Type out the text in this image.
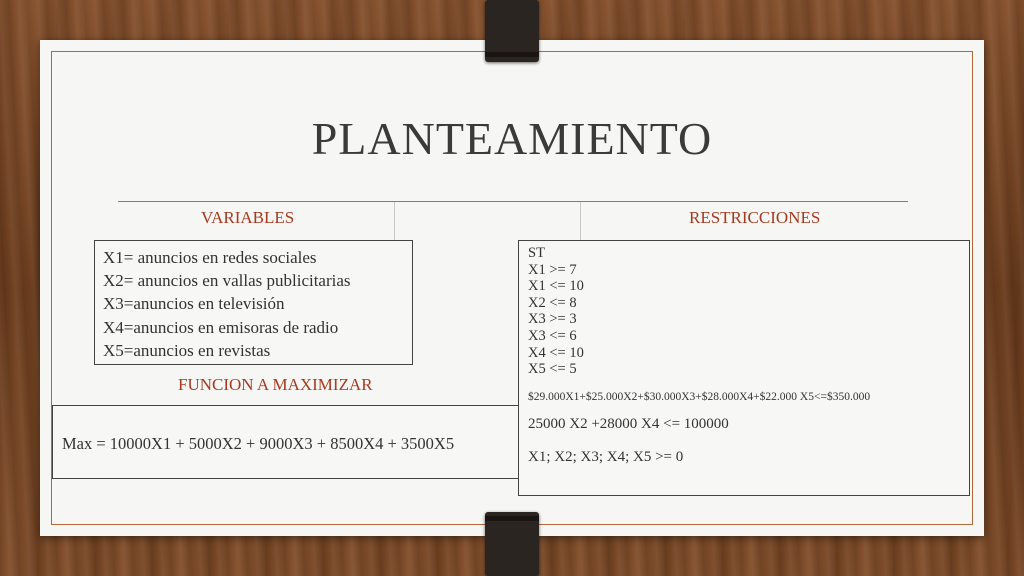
PLANTEAMIENTO
VARIABLES	RESTRICCIONES
FUNCION A MAXIMIZAR
X1= anuncios en redes sociales
X2= anuncios en vallas publicitarias
X3=anuncios en televisión
X4=anuncios en emisoras de radio
X5=anuncios en revistas
Max = 10000X1 + 5000X2 + 9000X3 + 8500X4 + 3500X5
ST
X1 >= 7
X1 <= 10
X2 <= 8
X3 >= 3
X3 <= 6
X4 <= 10
X5 <= 5
$29.000X1+$25.000X2+$30.000X3+$28.000X4+$22.000 X5<=$350.000
25000 X2 +28000 X4 <= 100000
X1; X2; X3; X4; X5 >= 0
